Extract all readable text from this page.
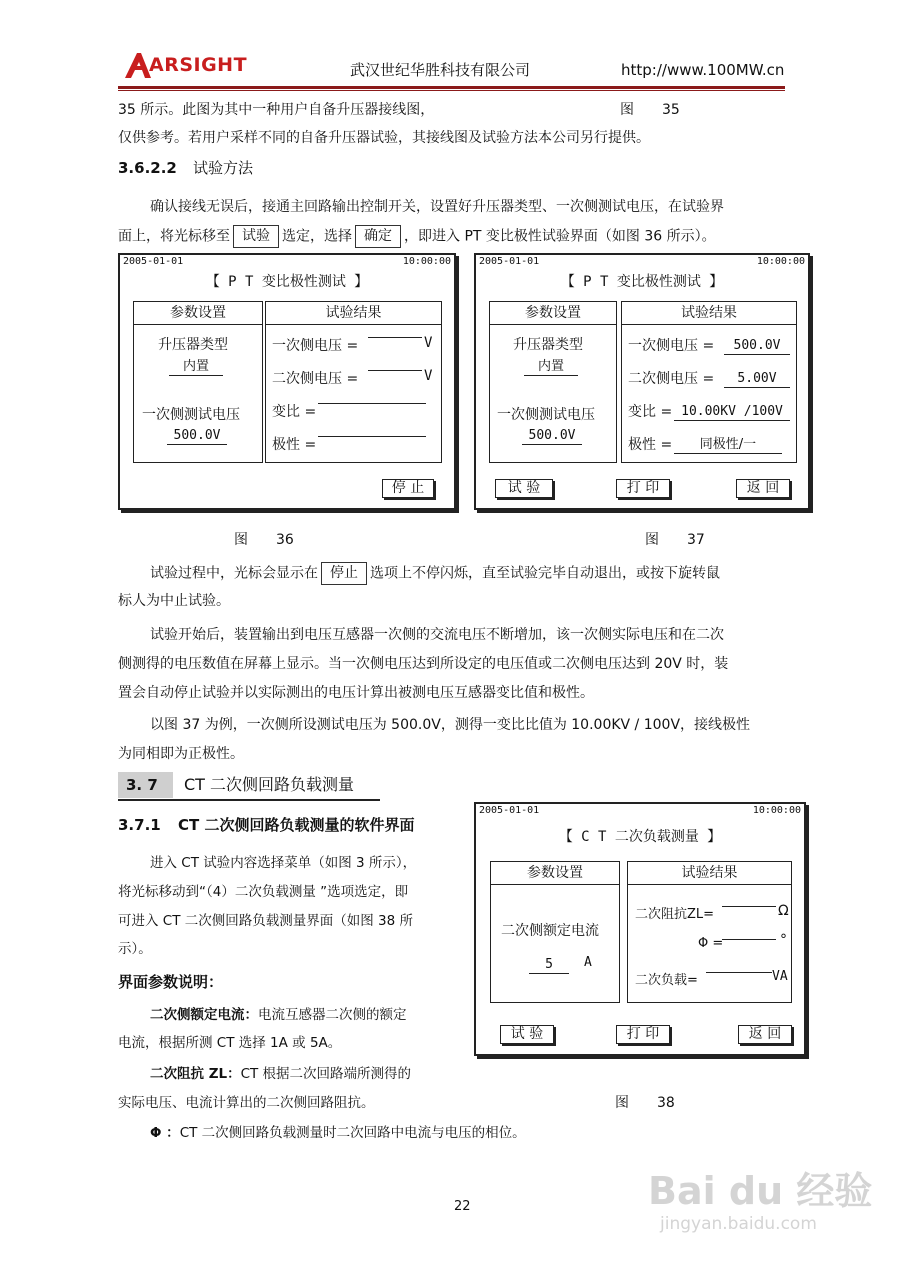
ARSIGHT	武汉世纪华胜科技有限公司	http://www.100MW.cn
35 所示。此图为其中一种用户自备升压器接线图，	图　　35
仅供参考。若用户采样不同的自备升压器试验，其接线图及试验方法本公司另行提供。
3.6.2.2 试验方法
确认接线无误后，接通主回路输出控制开关，设置好升压器类型、一次侧测试电压，在试验界
面上，将光标移至 试验 选定，选择 确定 ，即进入 PT 变比极性试验界面（如图 36 所示）。
2005-01-01	10:00:00
【 P T 变比极性测试 】
参数设置
升压器类型
内置
一次侧测试电压
500.0V
试验结果
一次侧电压 =	V
二次侧电压 =	V
变比 =
极性 =
停 止
图　　36
2005-01-01	10:00:00
【 P T 变比极性测试 】
参数设置
升压器类型
内置
一次侧测试电压
500.0V
试验结果
一次侧电压 =	500.0V
二次侧电压 =	5.00V
变比 = 10.00KV /100V
极性 =	同极性/一
试 验	打 印	返 回
图　　37
试验过程中，光标会显示在 停止 选项上不停闪烁，直至试验完毕自动退出，或按下旋转鼠
标人为中止试验。
试验开始后，装置输出到电压互感器一次侧的交流电压不断增加，该一次侧实际电压和在二次
侧测得的电压数值在屏幕上显示。当一次侧电压达到所设定的电压值或二次侧电压达到 20V 时，装
置会自动停止试验并以实际测出的电压计算出被测电压互感器变比值和极性。
以图 37 为例，一次侧所设测试电压为 500.0V，测得一变比比值为 10.00KV / 100V，接线极性
为同相即为正极性。
3. 7	CT 二次侧回路负载测量
3.7.1 CT 二次侧回路负载测量的软件界面
进入 CT 试验内容选择菜单（如图 3 所示），
将光标移动到“（4）二次负载测量 ”选项选定，即
可进入 CT 二次侧回路负载测量界面（如图 38 所
示）。
界面参数说明：
二次侧额定电流：电流互感器二次侧的额定
电流，根据所测 CT 选择 1A 或 5A。
二次阻抗 ZL：CT 根据二次回路端所测得的
实际电压、电流计算出的二次侧回路阻抗。
Φ ：CT 二次侧回路负载测量时二次回路中电流与电压的相位。
2005-01-01	10:00:00
【 C T 二次负载测量 】
参数设置
二次侧额定电流
5	A
试验结果
二次阻抗ZL=	Ω
Φ =	°
二次负载=	VA
试 验	打 印	返 回
图　　38
22	Bai du 经验
jingyan.baidu.com
